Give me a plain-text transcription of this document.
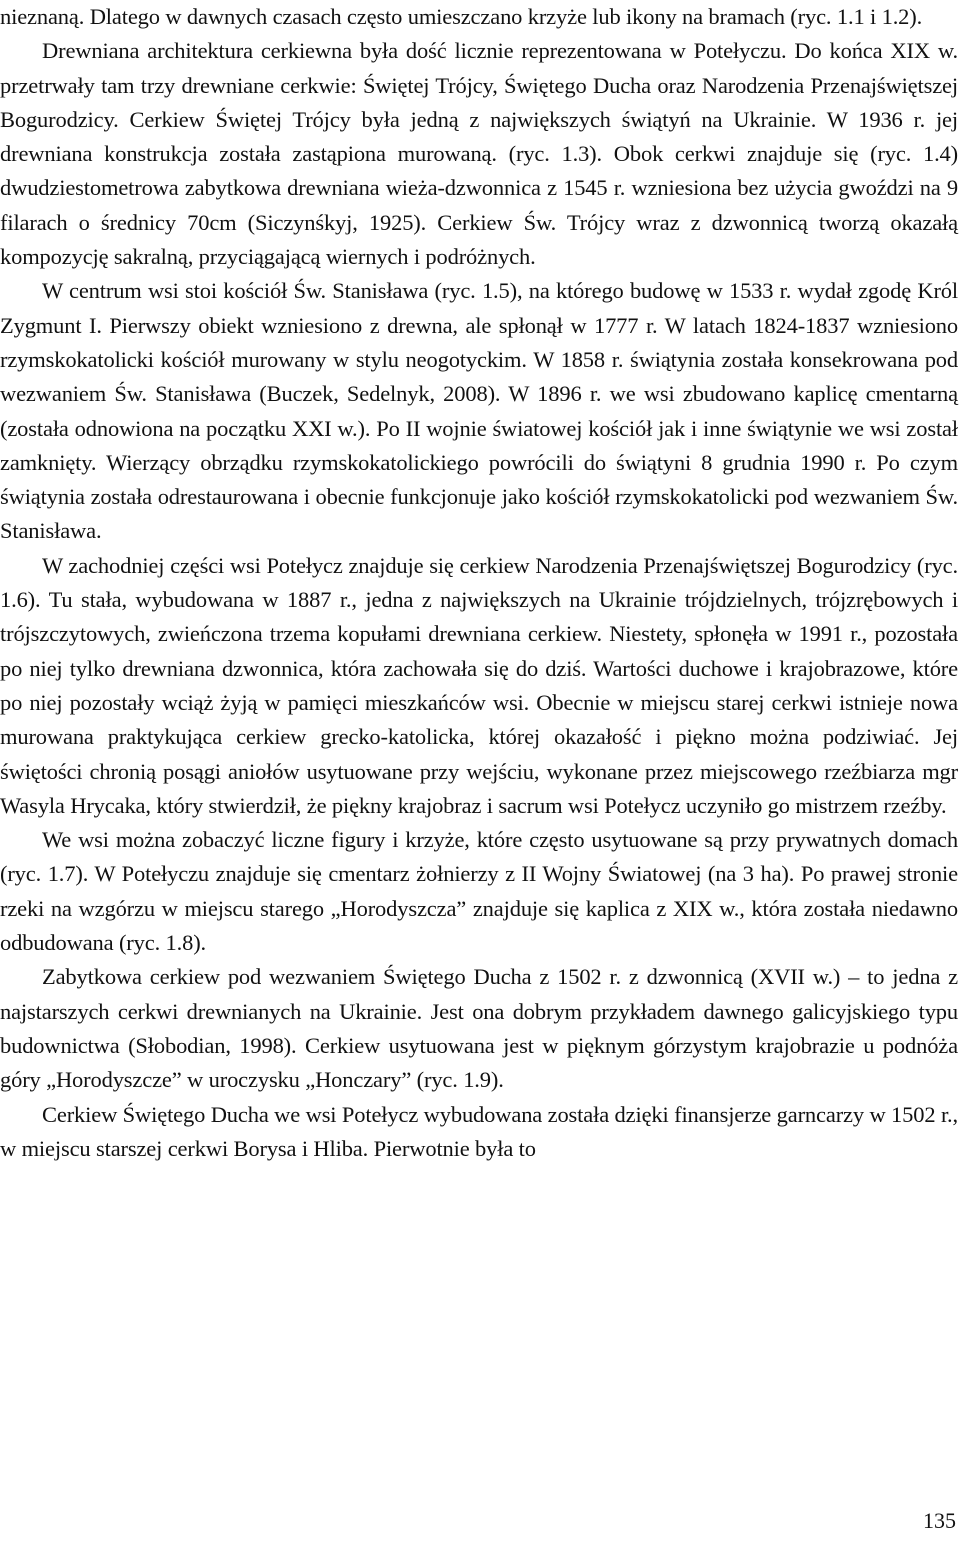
nieznaną. Dlatego w dawnych czasach często umieszczano krzyże lub ikony na bramach (ryc. 1.1 i 1.2).

Drewniana architektura cerkiewna była dość licznie reprezentowana w Potełyczu. Do końca XIX w. przetrwały tam trzy drewniane cerkwie: Świętej Trójcy, Świętego Ducha oraz Narodzenia Przenajświętszej Bogurodzicy. Cerkiew Świętej Trójcy była jedną z największych świątyń na Ukrainie. W 1936 r. jej drewniana konstrukcja została zastąpiona murowaną. (ryc. 1.3). Obok cerkwi znajduje się (ryc. 1.4) dwudziestometrowa zabytkowa drewniana wieża-dzwonnica z 1545 r. wzniesiona bez użycia gwoździ na 9 filarach o średnicy 70cm (Siczynśkyj, 1925). Cerkiew Św. Trójcy wraz z dzwonnicą tworzą okazałą kompozycję sakralną, przyciągającą wiernych i podróżnych.

W centrum wsi stoi kościół Św. Stanisława (ryc. 1.5), na którego budowę w 1533 r. wydał zgodę Król Zygmunt I. Pierwszy obiekt wzniesiono z drewna, ale spłonął w 1777 r. W latach 1824-1837 wzniesiono rzymskokatolicki kościół murowany w stylu neogotyckim. W 1858 r. świątynia została konsekrowana pod wezwaniem Św. Stanisława (Buczek, Sedelnyk, 2008). W 1896 r. we wsi zbudowano kaplicę cmentarną (została odnowiona na początku XXI w.). Po II wojnie światowej kościół jak i inne świątynie we wsi został zamknięty. Wierzący obrządku rzymskokatolickiego powrócili do świątyni 8 grudnia 1990 r. Po czym świątynia została odrestaurowana i obecnie funkcjonuje jako kościół rzymskokatolicki pod wezwaniem Św. Stanisława.

W zachodniej części wsi Potełycz znajduje się cerkiew Narodzenia Przenajświętszej Bogurodzicy (ryc. 1.6). Tu stała, wybudowana w 1887 r., jedna z największych na Ukrainie trójdzielnych, trójzrębowych i trójszczytowych, zwieńczona trzema kopułami drewniana cerkiew. Niestety, spłonęła w 1991 r., pozostała po niej tylko drewniana dzwonnica, która zachowała się do dziś. Wartości duchowe i krajobrazowe, które po niej pozostały wciąż żyją w pamięci mieszkańców wsi. Obecnie w miejscu starej cerkwi istnieje nowa murowana praktykująca cerkiew grecko-katolicka, której okazałość i piękno można podziwiać. Jej świętości chronią posągi aniołów usytuowane przy wejściu, wykonane przez miejscowego rzeźbiarza mgr Wasyla Hrycaka, który stwierdził, że piękny krajobraz i sacrum wsi Potełycz uczyniło go mistrzem rzeźby.

We wsi można zobaczyć liczne figury i krzyże, które często usytuowane są przy prywatnych domach (ryc. 1.7). W Potełyczu znajduje się cmentarz żołnierzy z II Wojny Światowej (na 3 ha). Po prawej stronie rzeki na wzgórzu w miejscu starego „Horodyszcza” znajduje się kaplica z XIX w., która została niedawno odbudowana (ryc. 1.8).

Zabytkowa cerkiew pod wezwaniem Świętego Ducha z 1502 r. z dzwonnicą (XVII w.) – to jedna z najstarszych cerkwi drewnianych na Ukrainie. Jest ona dobrym przykładem dawnego galicyjskiego typu budownictwa (Słobodian, 1998). Cerkiew usytuowana jest w pięknym górzystym krajobrazie u podnóża góry „Horodyszcze” w uroczysku „Honczary” (ryc. 1.9).

Cerkiew Świętego Ducha we wsi Potełycz wybudowana została dzięki finansjerze garncarzy w 1502 r., w miejscu starszej cerkwi Borysa i Hliba. Pierwotnie była to

135
